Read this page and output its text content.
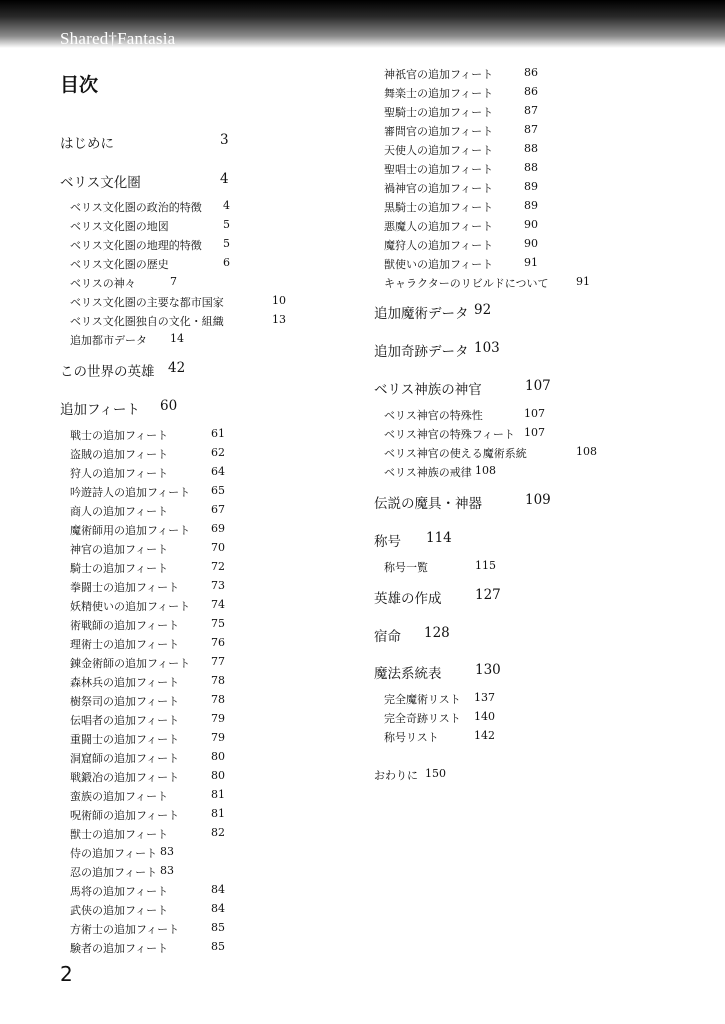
Shared†Fantasia
目次
はじめに	3
ベリス文化圏	4
ベリス文化圏の政治的特徴 4
ベリス文化圏の地図	5
ベリス文化圏の地理的特徴 5
ベリス文化圏の歴史	6
ベリスの神々	7
ベリス文化圏の主要な都市国家	10
ベリス文化圏独自の文化・組織	13
追加都市データ 14
この世界の英雄 42
追加フィート 60
戦士の追加フィート	61
盗賊の追加フィート	62
狩人の追加フィート	64
吟遊詩人の追加フィート 65
商人の追加フィート	67
魔術師用の追加フィート 69
神官の追加フィート	70
騎士の追加フィート	72
拳闘士の追加フィート	73
妖精使いの追加フィート 74
術戦師の追加フィート	75
理術士の追加フィート	76
錬金術師の追加フィート 77
森林兵の追加フィート	78
樹祭司の追加フィート	78
伝唱者の追加フィート	79
重闘士の追加フィート	79
洞窟師の追加フィート	80
戦鍛冶の追加フィート	80
蛮族の追加フィート	81
呪術師の追加フィート	81
獣士の追加フィート	82
侍の追加フィート 83
忍の追加フィート 83
馬将の追加フィート	84
武侠の追加フィート	84
方術士の追加フィート	85
験者の追加フィート	85
神祇官の追加フィート	86
舞楽士の追加フィート	86
聖騎士の追加フィート	87
審問官の追加フィート	87
天使人の追加フィート	88
聖唱士の追加フィート	88
禍神官の追加フィート	89
黒騎士の追加フィート	89
悪魔人の追加フィート	90
魔狩人の追加フィート	90
獣使いの追加フィート	91
キャラクターのリビルドについて 91
追加魔術データ 92
追加奇跡データ 103
ベリス神族の神官	107
ベリス神官の特殊性	107
ベリス神官の特殊フィート 107
ベリス神官の使える魔術系統	108
ベリス神族の戒律 108
伝説の魔具・神器	109
称号 114
称号一覧	115
英雄の作成 127
宿命 128
魔法系統表 130
完全魔術リスト 137
完全奇跡リスト 140
称号リスト	142
おわりに 150
2
